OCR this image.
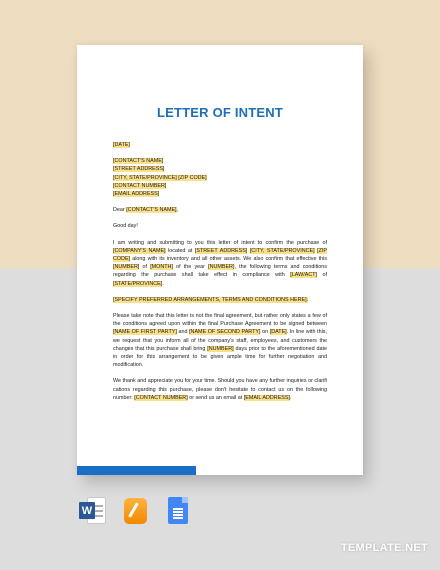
LETTER OF INTENT
[DATE]
[CONTACT'S NAME]
[STREET ADDRESS]
[CITY, STATE/PROVINCE] [ZIP CODE]
[CONTACT NUMBER]
[EMAIL ADDRESS]
Dear [CONTACT'S NAME],
Good day!
I am writing and submitting to you this letter of intent to confirm the purchase of [COMPANY'S NAME] located at [STREET ADDRESS] [CITY, STATE/PROVINCE] [ZIP CODE] along with its inventory and all other assets. We also confirm that effective this [NUMBER] of [MONTH] of the year [NUMBER], the following terms and conditions regarding the purchase shall take effect in compliance with [LAW/ACT] of [STATE/PROVINCE].
[SPECIFY PREFERRED ARRANGEMENTS, TERMS AND CONDITIONS HERE].
Please take note that this letter is not the final agreement, but rather only states a few of the conditions agreed upon within the final Purchase Agreement to be signed between [NAME OF FIRST PARTY] and [NAME OF SECOND PARTY] on [DATE]. In line with this, we request that you inform all of the company's staff, employees, and customers the changes that this purchase shall bring [NUMBER] days prior to the aforementioned date in order for this arrangement to be given ample time for further negotiation and modification.
We thank and appreciate you for your time. Should you have any further inquiries or clarifi cations regarding this purchase, please don't hesitate to contact us on the following number: [CONTACT NUMBER] or send us an email at [EMAIL ADDRESS].
W
TEMPLATE.NET
